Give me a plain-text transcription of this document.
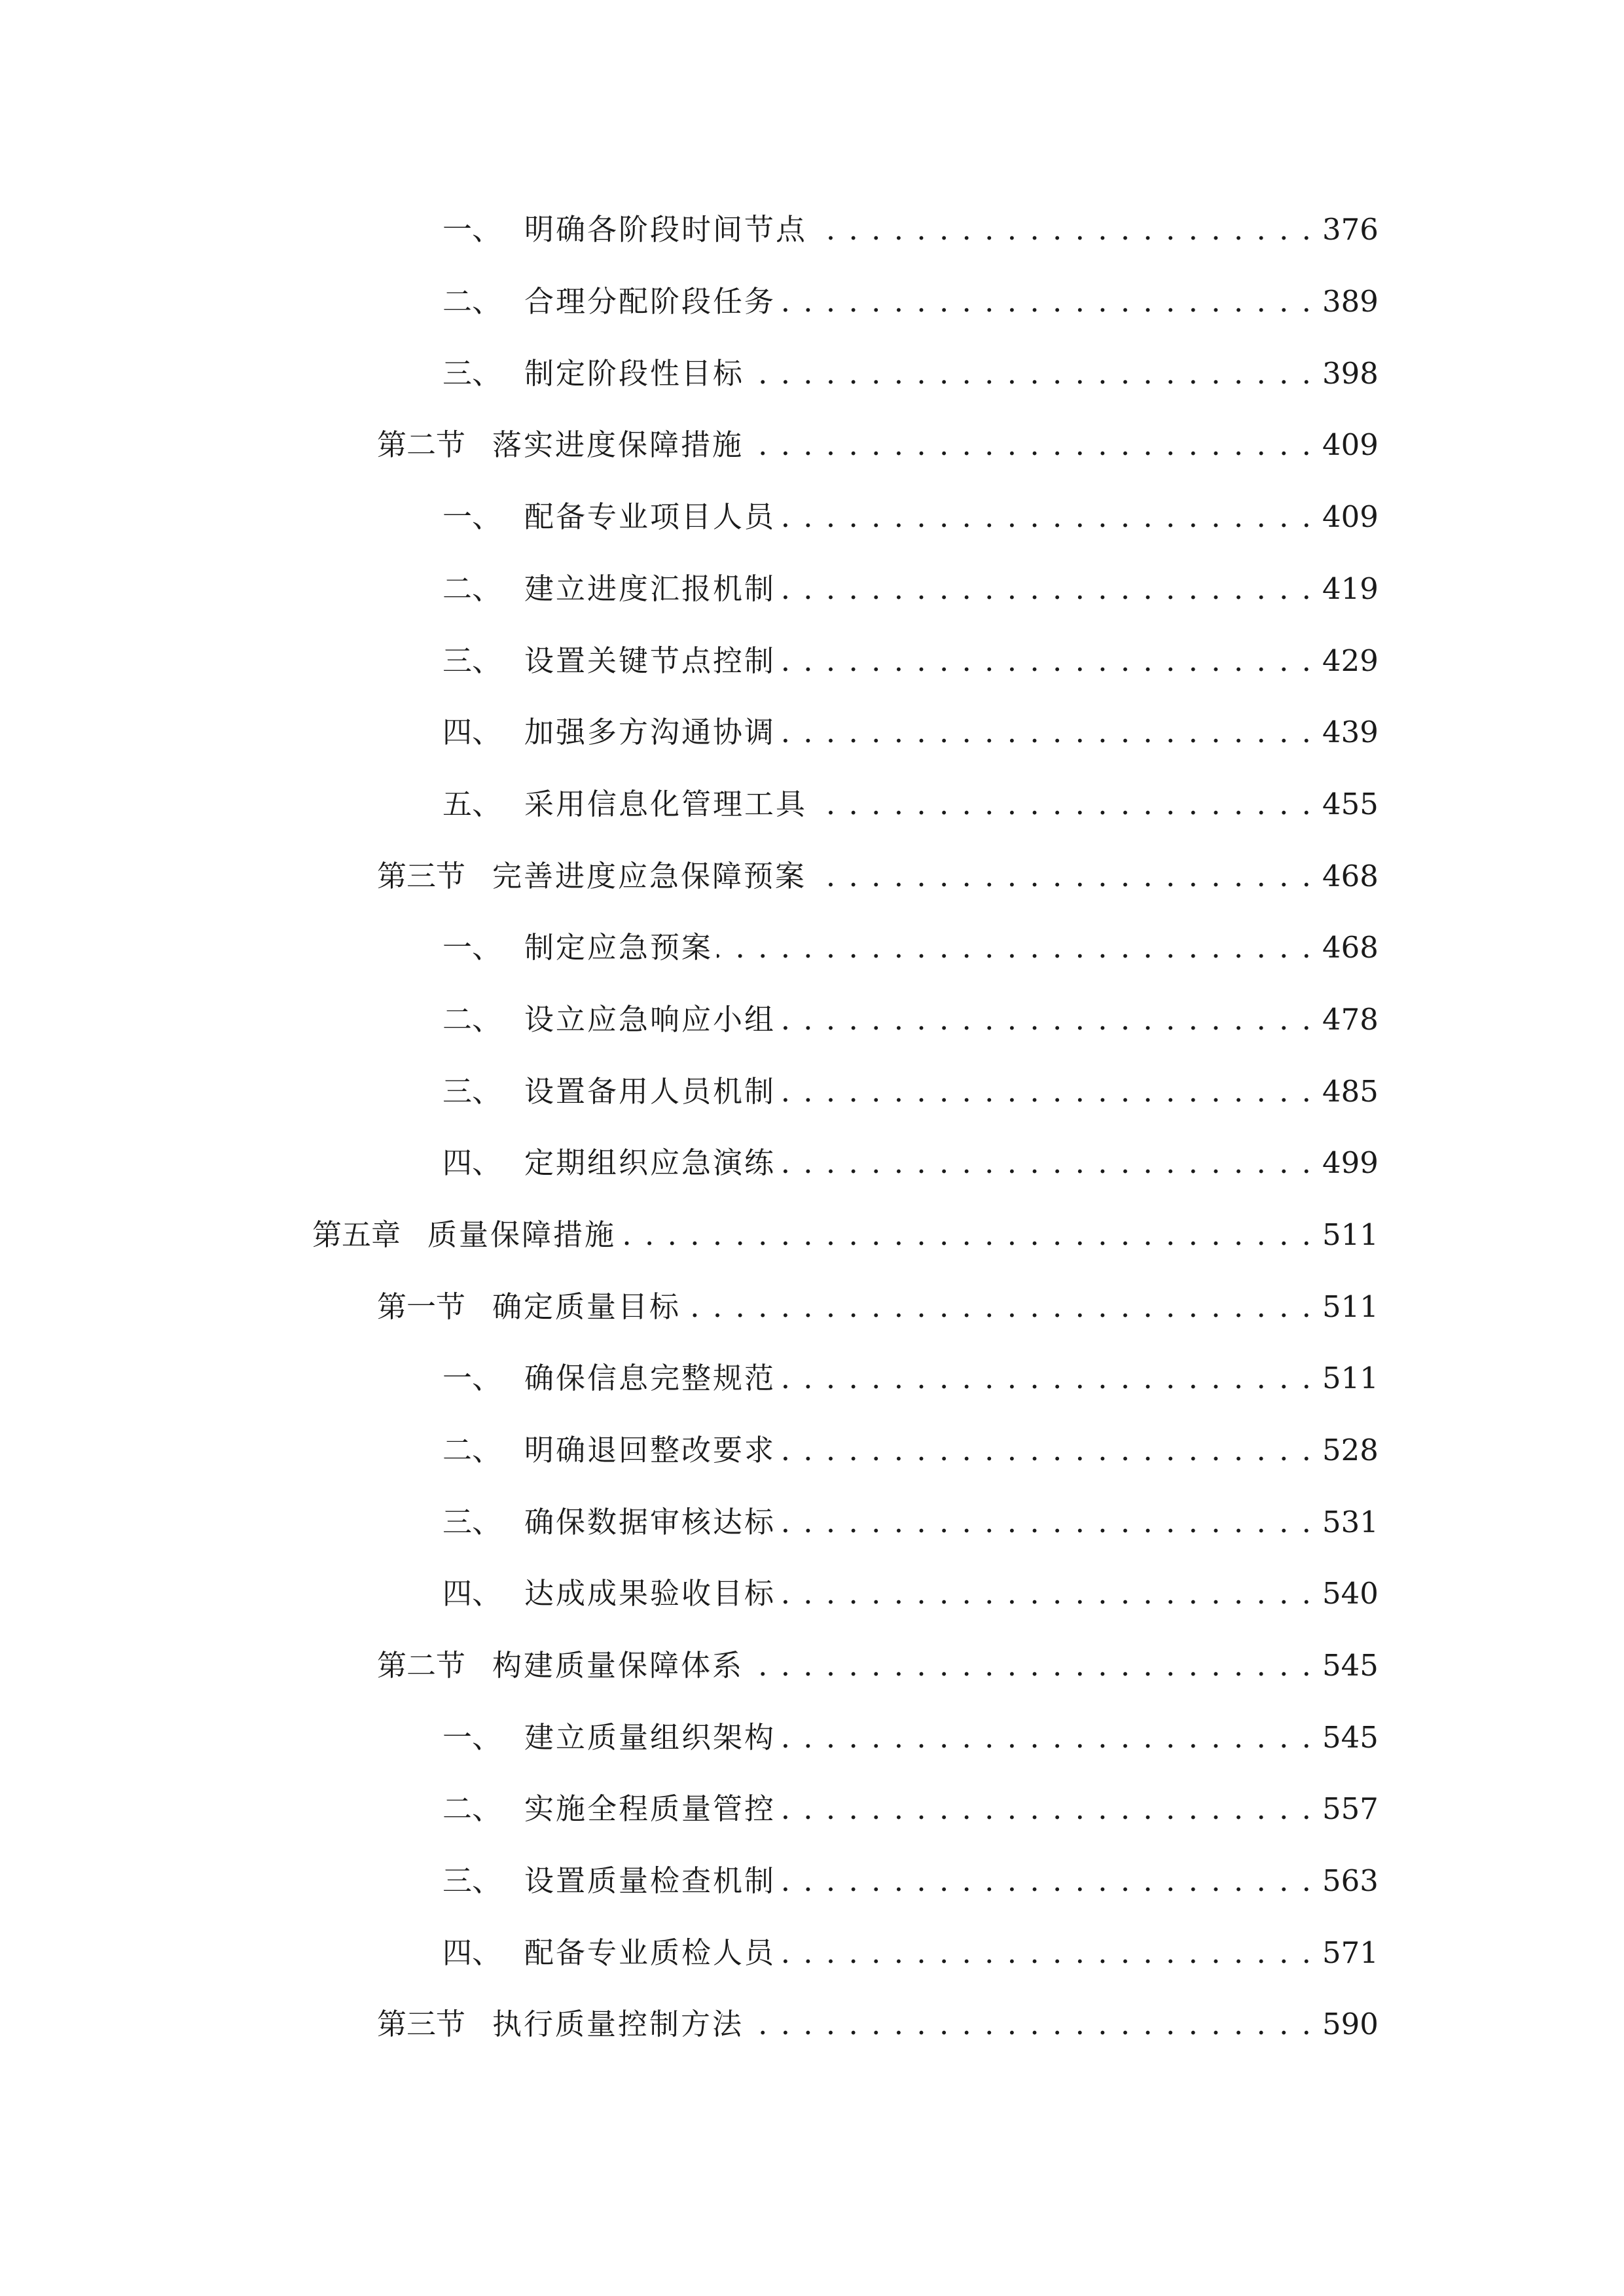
一、 明确各阶段时间节点 . . .	376
二、 合理分配阶段任务 . . .	389
三、 制定阶段性目标 . . .	398
第二节 落实进度保障措施 . . .	409
一、 配备专业项目人员 . . .	409
二、 建立进度汇报机制 . . .	419
三、 设置关键节点控制 . . .	429
四、 加强多方沟通协调 . . .	439
五、 采用信息化管理工具 . . .	455
第三节 完善进度应急保障预案 . . .	468
一、 制定应急预案 . . .	468
二、 设立应急响应小组 . . .	478
三、 设置备用人员机制 . . .	485
四、 定期组织应急演练 . . .	499
第五章 质量保障措施 . . .	511
第一节 确定质量目标 . . .	511
一、 确保信息完整规范 . . .	511
二、 明确退回整改要求 . . .	528
三、 确保数据审核达标 . . .	531
四、 达成成果验收目标 . . .	540
第二节 构建质量保障体系 . . .	545
一、 建立质量组织架构 . . .	545
二、 实施全程质量管控 . . .	557
三、 设置质量检查机制 . . .	563
四、 配备专业质检人员 . . .	571
第三节 执行质量控制方法 . . .	590
